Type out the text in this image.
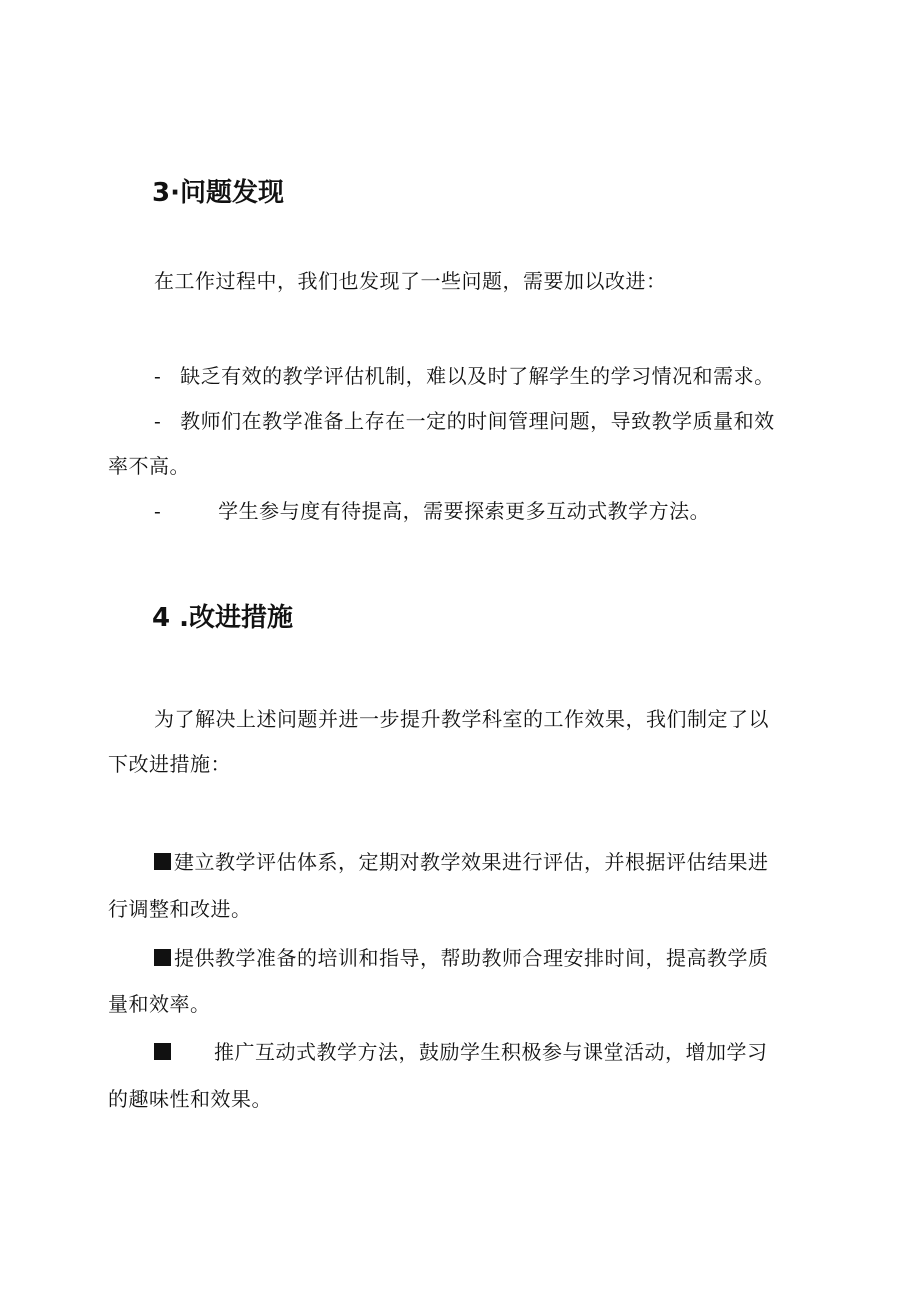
3·问题发现
在工作过程中，我们也发现了一些问题，需要加以改进：
- 缺乏有效的教学评估机制，难以及时了解学生的学习情况和需求。
- 教师们在教学准备上存在一定的时间管理问题，导致教学质量和效
率不高。
-	学生参与度有待提高，需要探索更多互动式教学方法。
4 .改进措施
为了解决上述问题并进一步提升教学科室的工作效果，我们制定了以
下改进措施：
建立教学评估体系，定期对教学效果进行评估，并根据评估结果进
行调整和改进。
提供教学准备的培训和指导，帮助教师合理安排时间，提高教学质
量和效率。
推广互动式教学方法，鼓励学生积极参与课堂活动，增加学习
的趣味性和效果。
